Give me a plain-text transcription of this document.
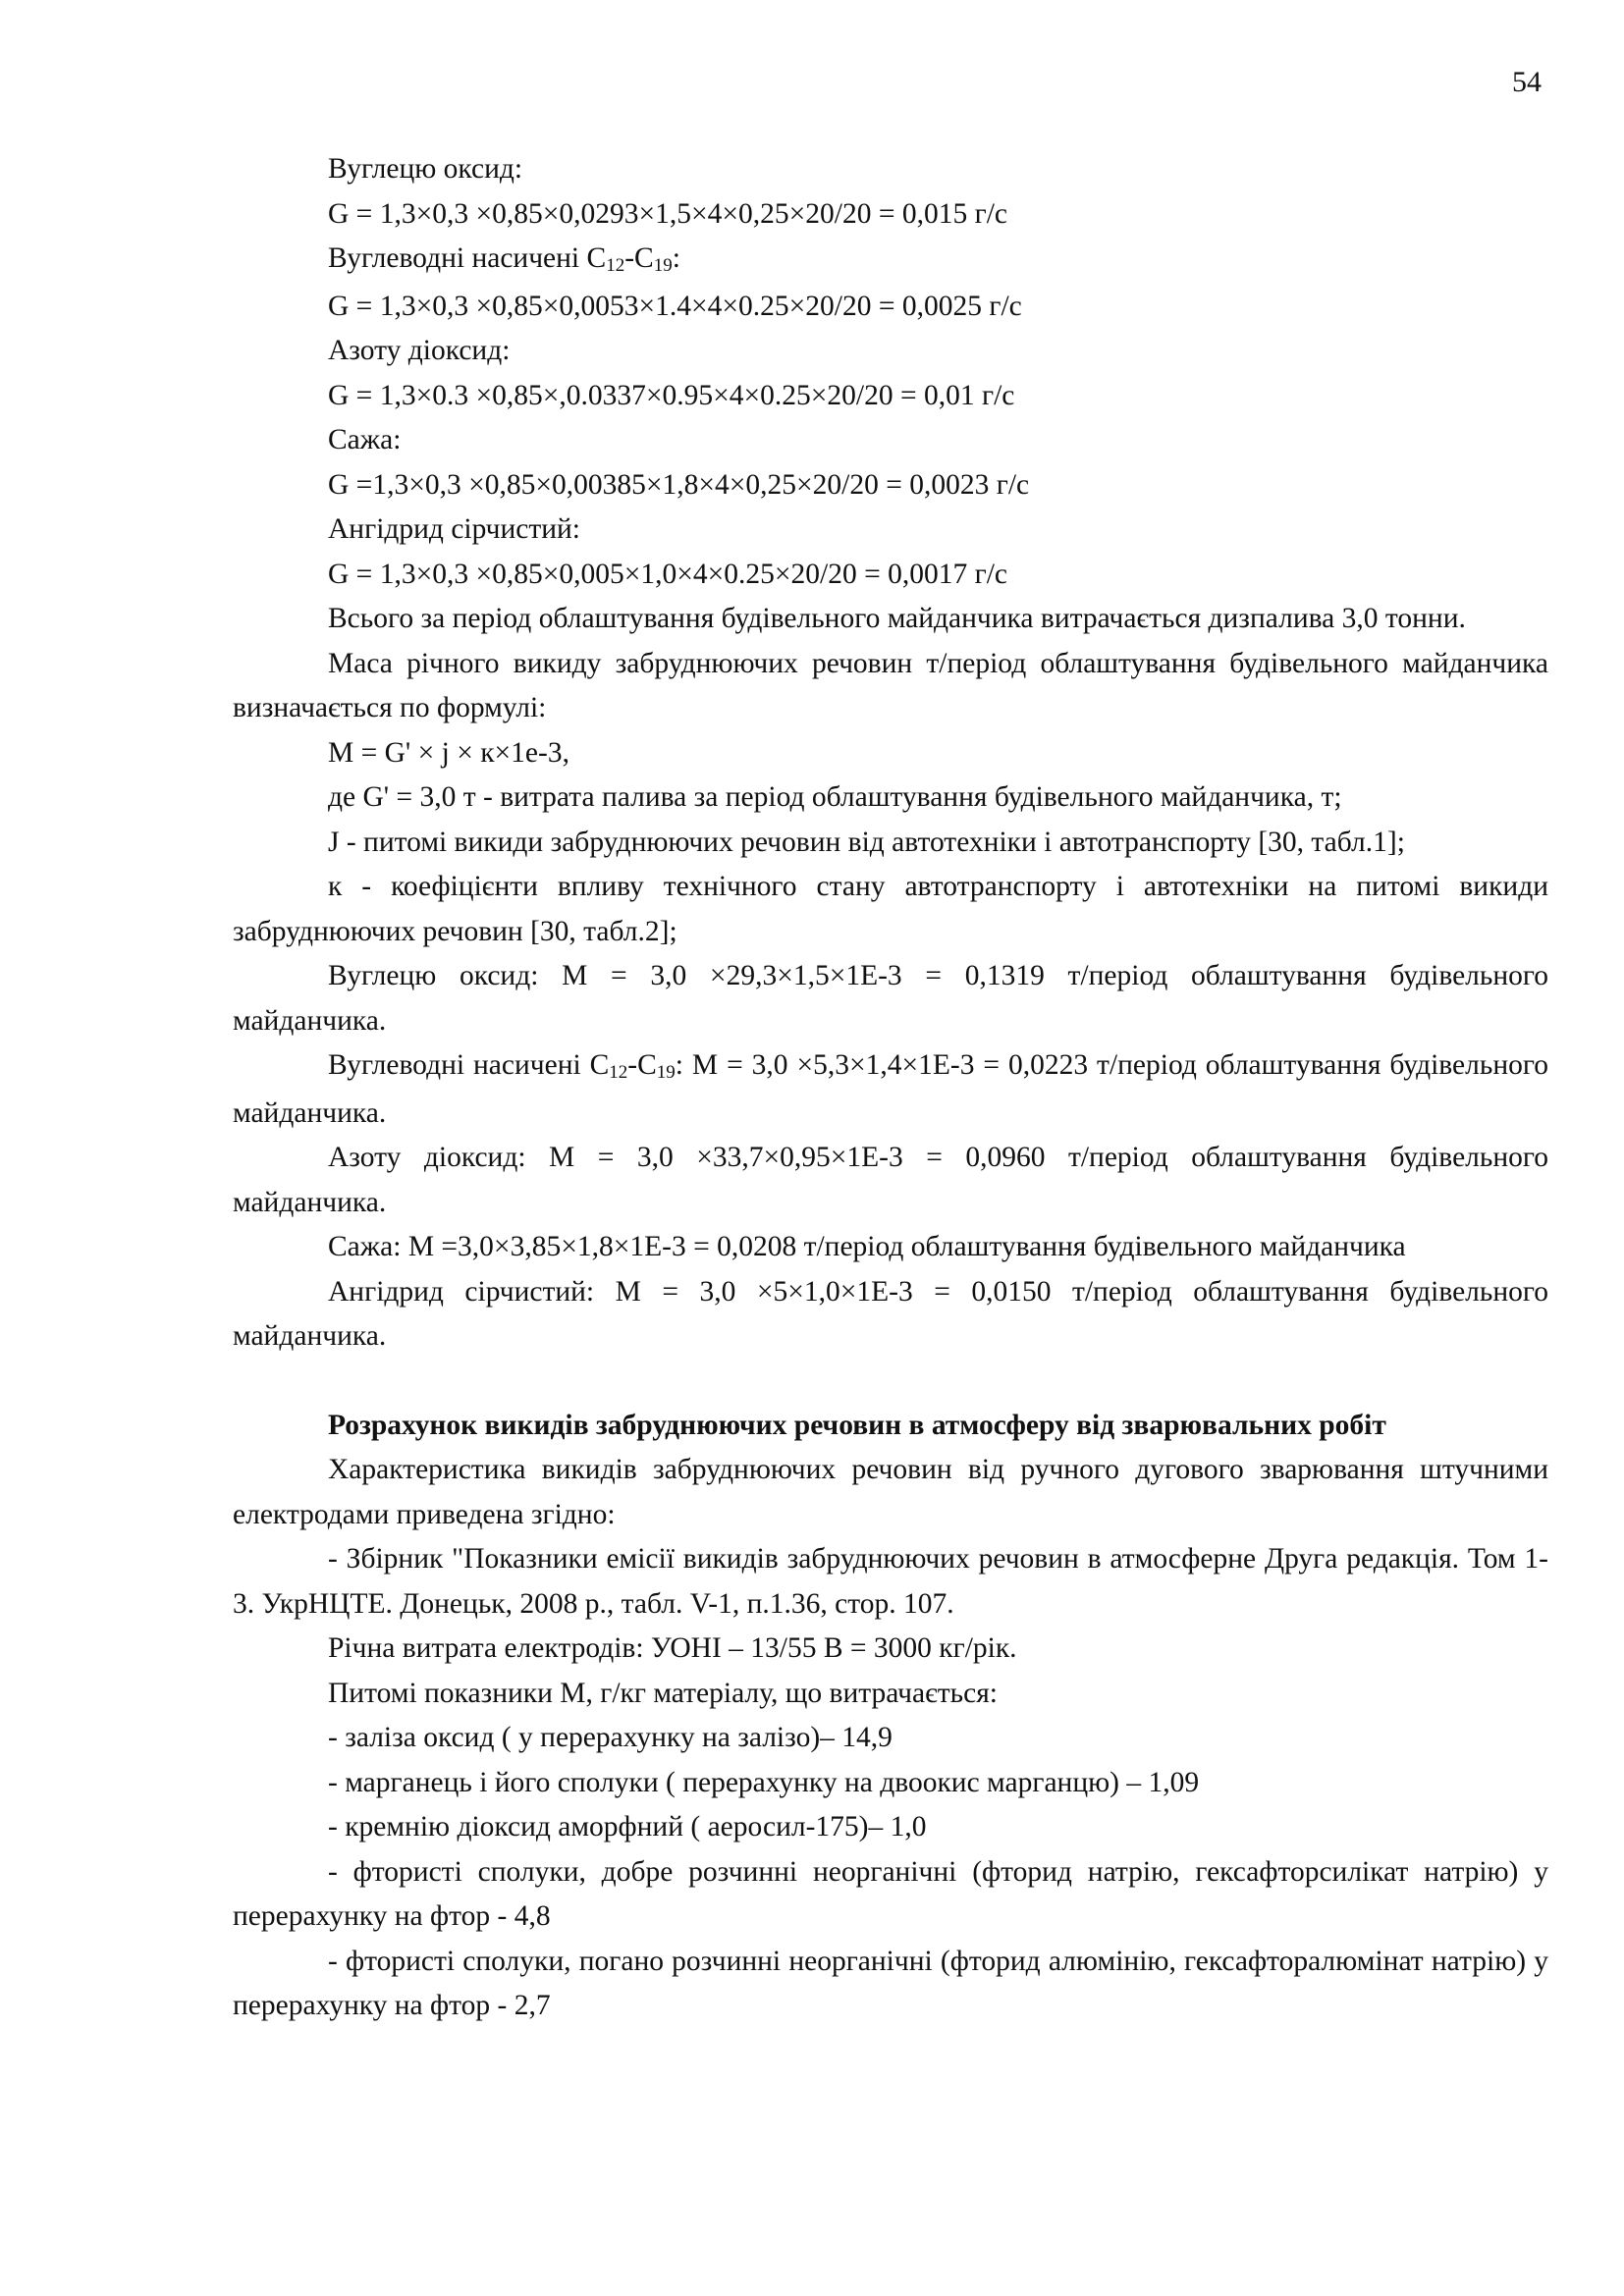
54

Вуглецю оксид:

G = 1,3×0,3 ×0,85×0,0293×1,5×4×0,25×20/20 = 0,015 г/с

Вуглеводні насичені $C_{12}-C_{19}$:

G = 1,3×0,3 ×0,85×0,0053×1.4×4×0.25×20/20 = 0,0025 г/с

Азоту діоксид:

G = 1,3×0.3 ×0,85×,0.0337×0.95×4×0.25×20/20 = 0,01 г/с

Сажа:

G =1,3×0,3 ×0,85×0,00385×1,8×4×0,25×20/20 = 0,0023 г/с

Ангідрид сірчистий:

G = 1,3×0,3 ×0,85×0,005×1,0×4×0.25×20/20 = 0,0017 г/с

Всього за період облаштування будівельного майданчика витрачається дизпалива 3,0 тонни.

Маса річного викиду забруднюючих речовин т/період облаштування будівельного майданчика визначається по формулі:

M = G' × j × к×1е-3,

де G' = 3,0 т - витрата палива за період облаштування будівельного майданчика, т;

J - питомі викиди забруднюючих речовин від автотехніки і автотранспорту [30, табл.1];

к - коефіцієнти впливу технічного стану автотранспорту і автотехніки на питомі викиди забруднюючих речовин [30, табл.2];

Вуглецю оксид: M = 3,0 ×29,3×1,5×1E-3 = 0,1319 т/період облаштування будівельного майданчика.

Вуглеводні насичені $C_{12}-C_{19}$: M = 3,0 ×5,3×1,4×1E-3 = 0,0223 т/період облаштування будівельного майданчика.

Азоту діоксид: M = 3,0 ×33,7×0,95×1E-3 = 0,0960 т/період облаштування будівельного майданчика.

Сажа: M =3,0×3,85×1,8×1E-3 = 0,0208 т/період облаштування будівельного майданчика

Ангідрид сірчистий: M = 3,0 ×5×1,0×1E-3 = 0,0150 т/період облаштування будівельного майданчика.

Розрахунок викидів забруднюючих речовин в атмосферу від зварювальних робіт

Характеристика викидів забруднюючих речовин від ручного дугового зварювання штучними електродами приведена згідно:

- Збірник "Показники емісії викидів забруднюючих речовин в атмосферне Друга редакція. Том 1-3. УкрНЦТЕ. Донецьк, 2008 р., табл. V-1, п.1.36, стор. 107.

Річна витрата електродів: УОНІ – 13/55 В = 3000 кг/рік.

Питомі показники M, г/кг матеріалу, що витрачається:

- заліза оксид ( у перерахунку на залізо)– 14,9

- марганець і його сполуки ( перерахунку на двоокис марганцю) – 1,09

- кремнію діоксид аморфний ( аеросил-175)– 1,0

- фтористі сполуки, добре розчинні неорганічні (фторид натрію, гексафторсилікат натрію) у перерахунку на фтор - 4,8

- фтористі сполуки, погано розчинні неорганічні (фторид алюмінію, гексафторалюмінат натрію) у перерахунку на фтор - 2,7
